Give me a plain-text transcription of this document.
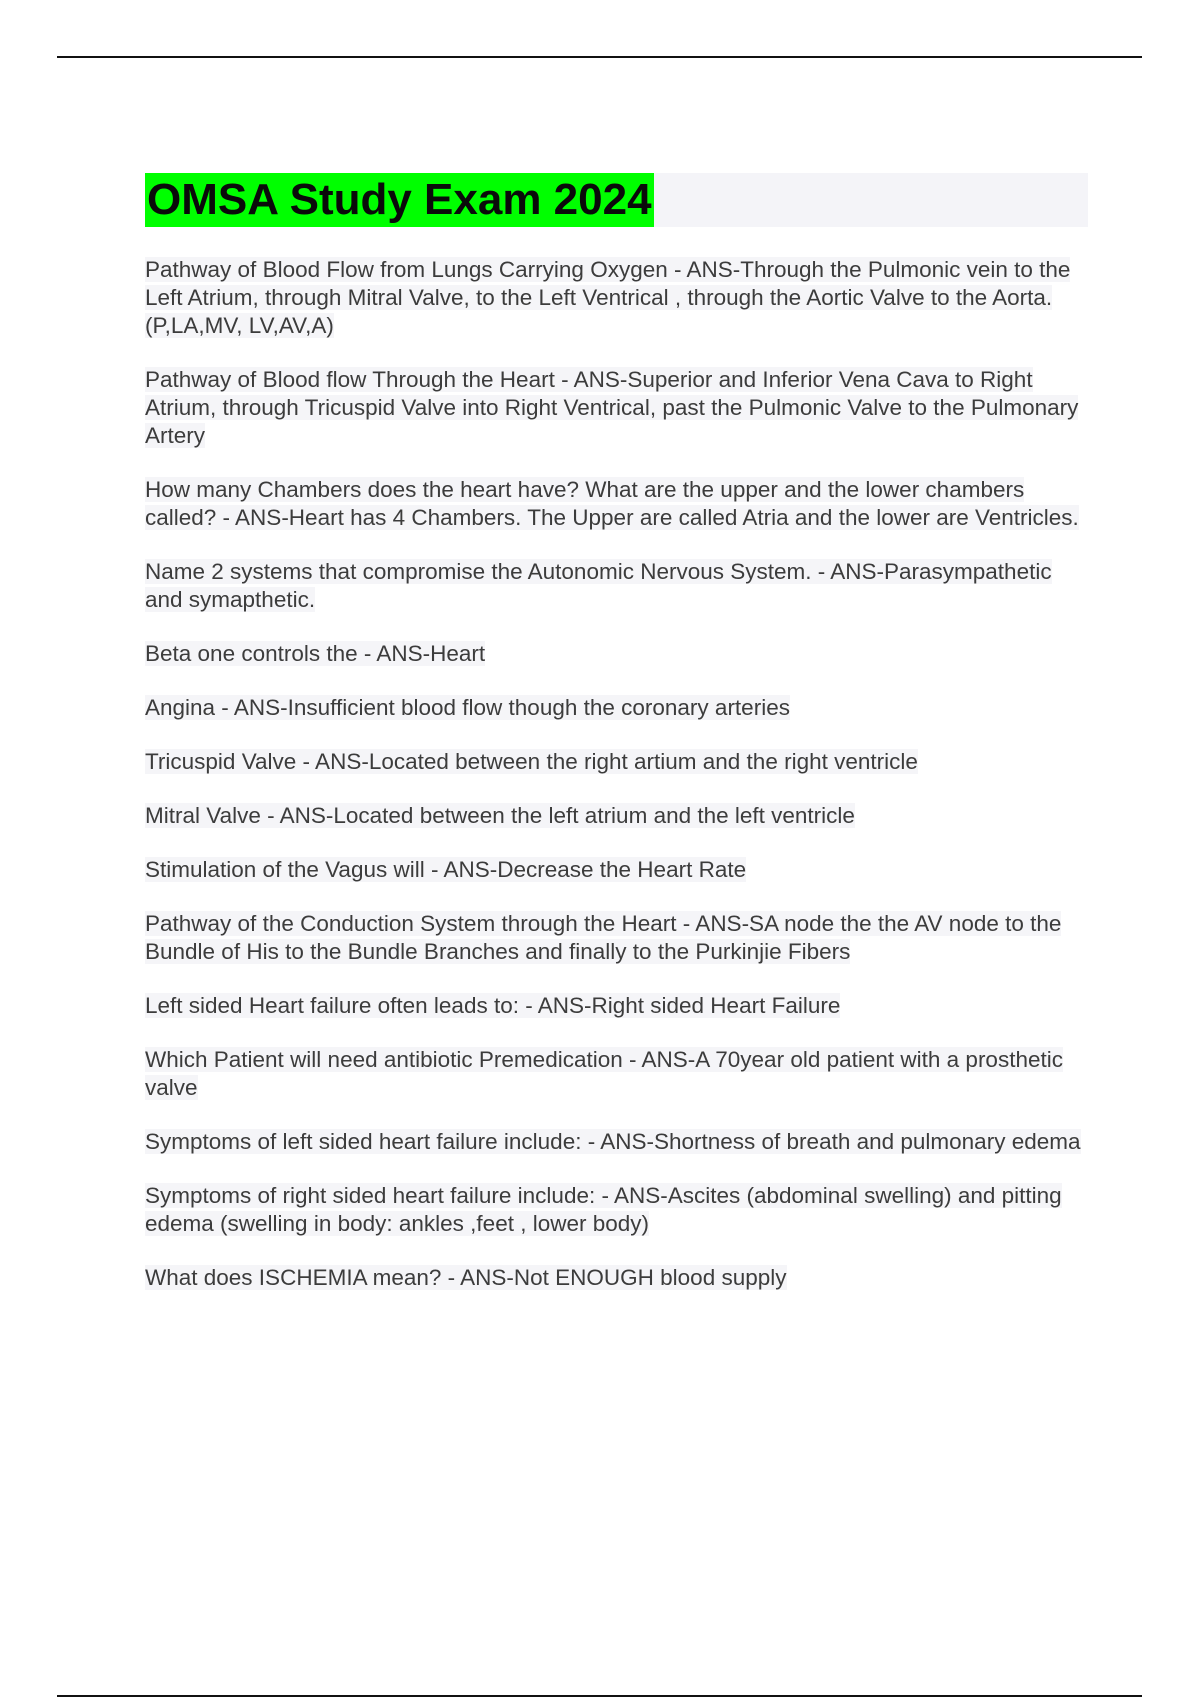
OMSA Study Exam 2024
Pathway of Blood Flow from Lungs Carrying Oxygen - ANS-Through the Pulmonic vein to the Left Atrium, through Mitral Valve, to the Left Ventrical , through the Aortic Valve to the Aorta. (P,LA,MV, LV,AV,A)
Pathway of Blood flow Through the Heart - ANS-Superior and Inferior Vena Cava to Right Atrium, through Tricuspid Valve into Right Ventrical, past the Pulmonic Valve to the Pulmonary Artery
How many Chambers does the heart have? What are the upper and the lower chambers called? - ANS-Heart has 4 Chambers. The Upper are called Atria and the lower are Ventricles.
Name 2 systems that compromise the Autonomic Nervous System. - ANS-Parasympathetic and symapthetic.
Beta one controls the - ANS-Heart
Angina - ANS-Insufficient blood flow though the coronary arteries
Tricuspid Valve - ANS-Located between the right artium and the right ventricle
Mitral Valve - ANS-Located between the left atrium and the left ventricle
Stimulation of the Vagus will - ANS-Decrease the Heart Rate
Pathway of the Conduction System through the Heart - ANS-SA node the the AV node to the Bundle of His to the Bundle Branches and finally to the Purkinjie Fibers
Left sided Heart failure often leads to: - ANS-Right sided Heart Failure
Which Patient will need antibiotic Premedication - ANS-A 70year old patient with a prosthetic valve
Symptoms of left sided heart failure include: - ANS-Shortness of breath and pulmonary edema
Symptoms of right sided heart failure include: - ANS-Ascites (abdominal swelling) and pitting edema (swelling in body: ankles ,feet , lower body)
What does ISCHEMIA mean? - ANS-Not ENOUGH blood supply
